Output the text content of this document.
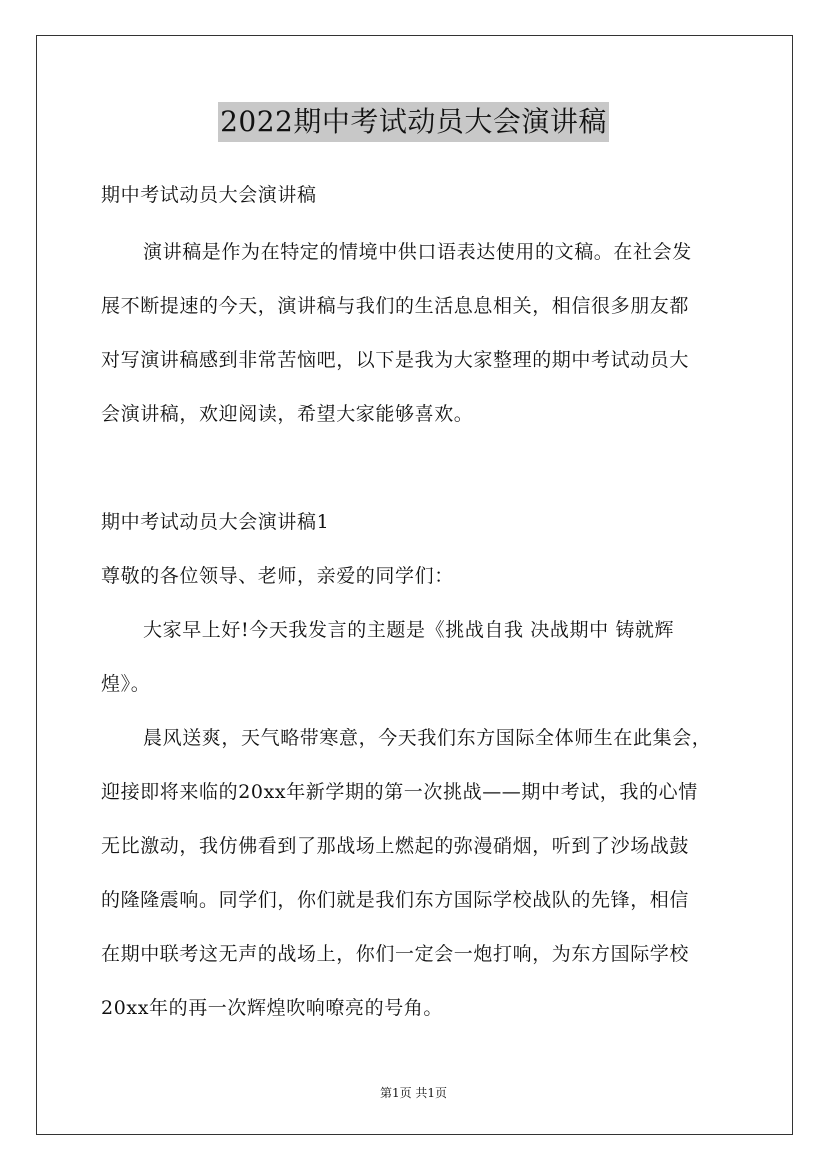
2022期中考试动员大会演讲稿
期中考试动员大会演讲稿
演讲稿是作为在特定的情境中供口语表达使用的文稿。在社会发
展不断提速的今天，演讲稿与我们的生活息息相关，相信很多朋友都
对写演讲稿感到非常苦恼吧，以下是我为大家整理的期中考试动员大
会演讲稿，欢迎阅读，希望大家能够喜欢。
期中考试动员大会演讲稿1
尊敬的各位领导、老师，亲爱的同学们：
大家早上好!今天我发言的主题是《挑战自我 决战期中 铸就辉
煌》。
晨风送爽，天气略带寒意，今天我们东方国际全体师生在此集会，
迎接即将来临的20xx年新学期的第一次挑战——期中考试，我的心情
无比激动，我仿佛看到了那战场上燃起的弥漫硝烟，听到了沙场战鼓
的隆隆震响。同学们，你们就是我们东方国际学校战队的先锋，相信
在期中联考这无声的战场上，你们一定会一炮打响，为东方国际学校
20xx年的再一次辉煌吹响嘹亮的号角。
第1页 共1页
